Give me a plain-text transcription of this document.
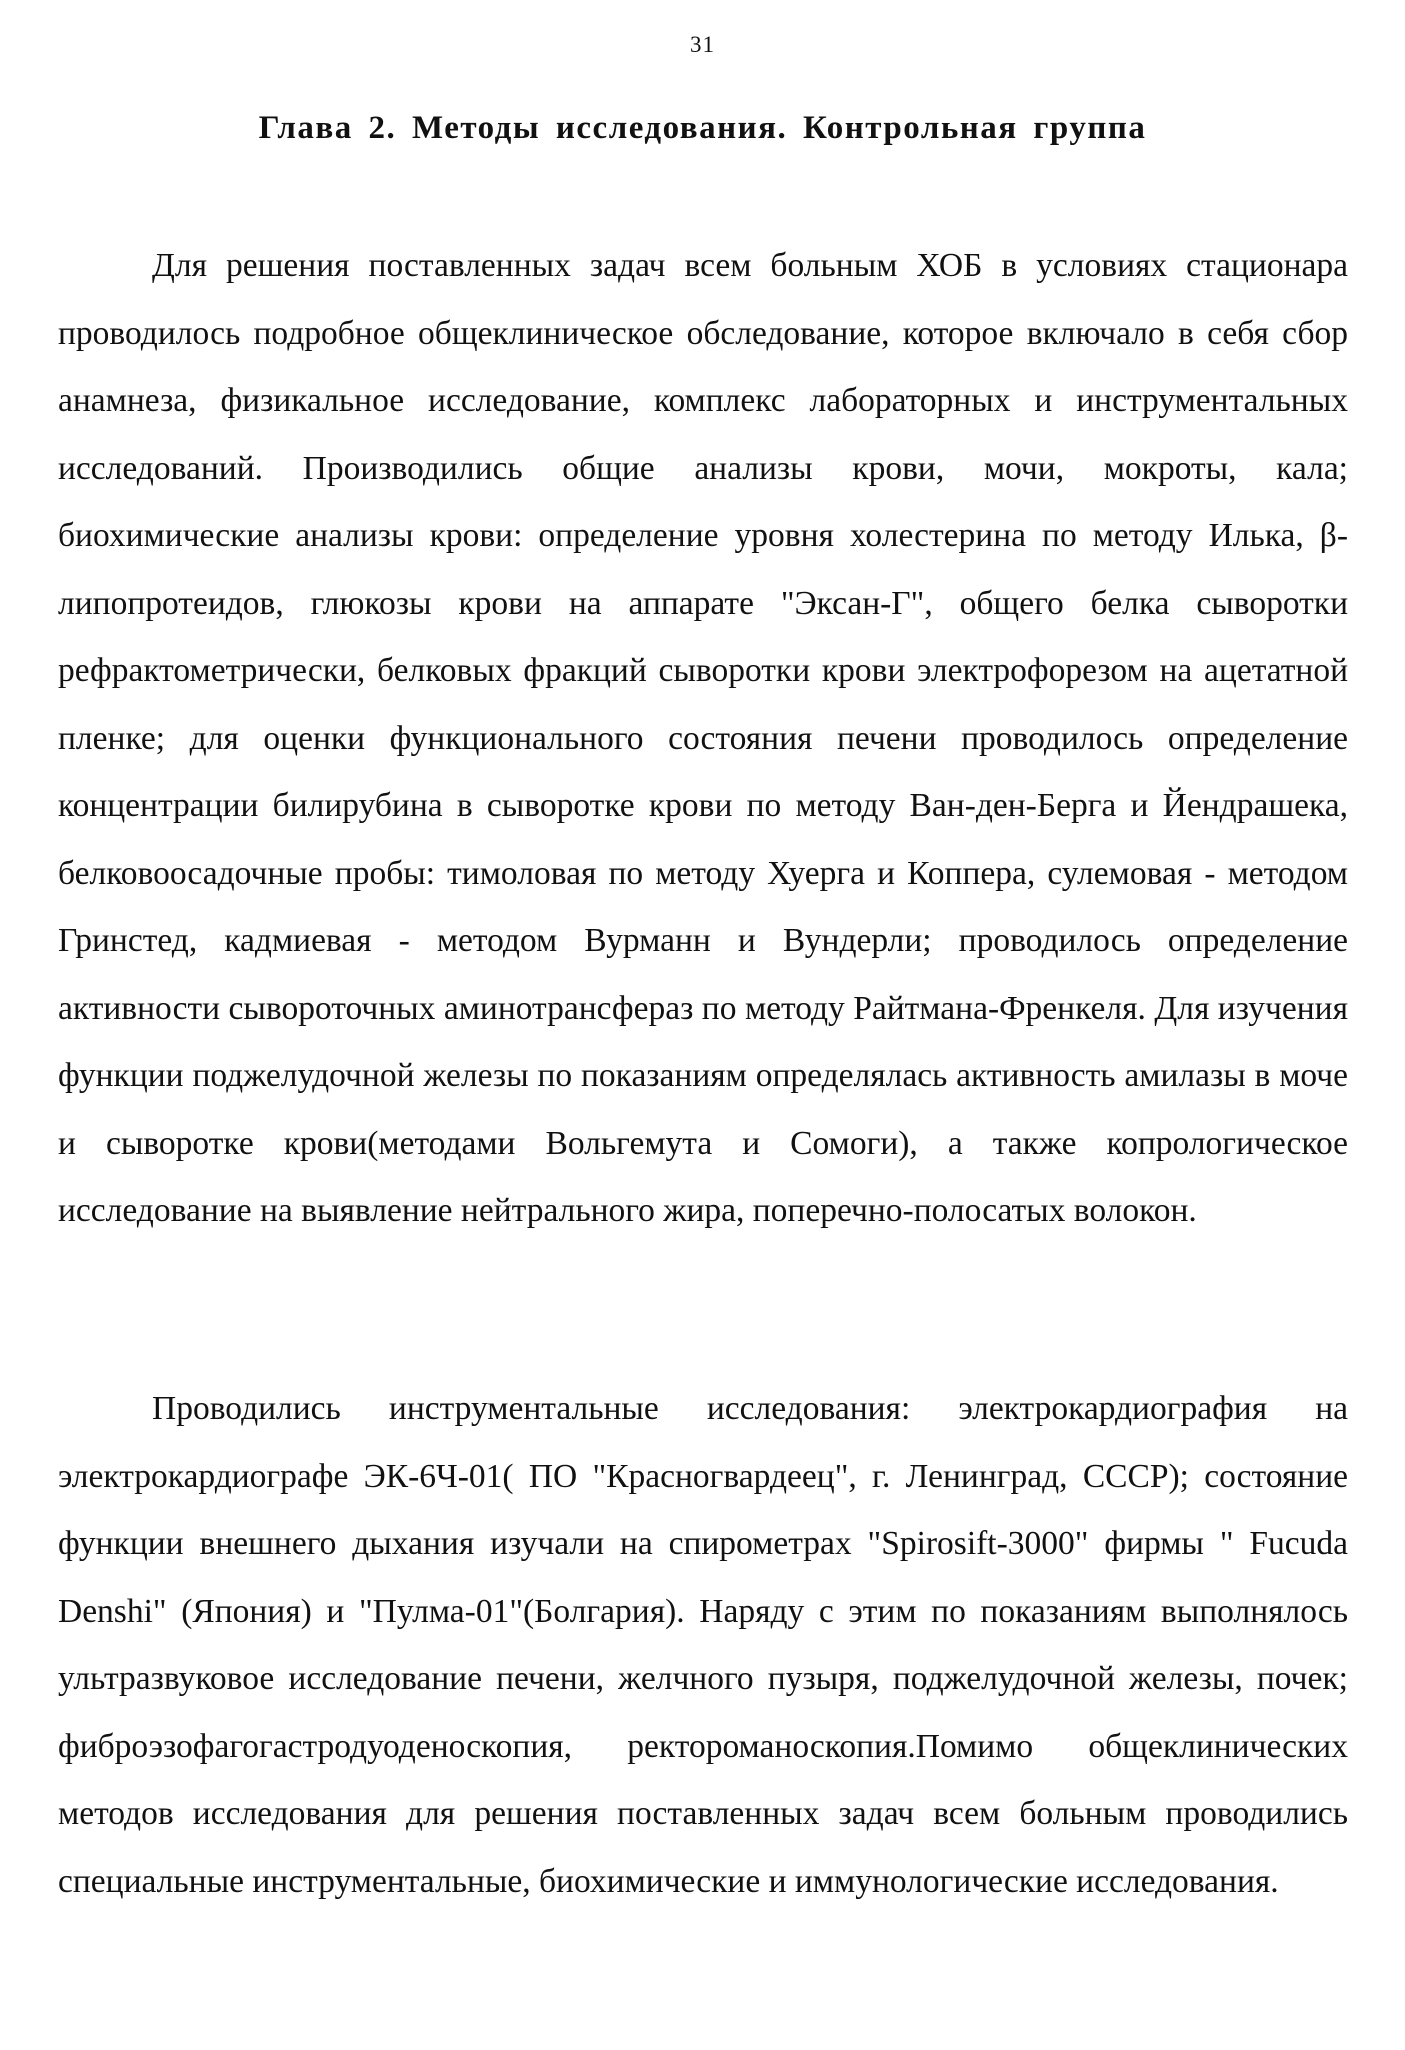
31
Глава 2. Методы исследования. Контрольная группа

Для решения поставленных задач всем больным ХОБ в условиях стационара проводилось подробное общеклиническое обследование, которое включало в себя сбор анамнеза, физикальное исследование, комплекс лабораторных и инструментальных исследований. Производились общие анализы крови, мочи, мокроты, кала; биохимические анализы крови: определение уровня холестерина по методу Илька, β-липопротеидов, глюкозы крови на аппарате "Эксан-Г", общего белка сыворотки рефрактометрически, белковых фракций сыворотки крови электрофорезом на ацетатной пленке; для оценки функционального состояния печени проводилось определение концентрации билирубина в сыворотке крови по методу Ван-ден-Берга и Йендрашека, белковоосадочные пробы: тимоловая по методу Хуерга и Коппера, сулемовая - методом Гринстед, кадмиевая - методом Вурманн и Вундерли; проводилось определение активности сывороточных аминотрансфераз по методу Райтмана-Френкеля. Для изучения функции поджелудочной железы по показаниям определялась активность амилазы в моче и сыворотке крови(методами Вольгемута и Сомоги), а также копрологическое исследование на выявление нейтрального жира, поперечно-полосатых волокон.

Проводились инструментальные исследования: электрокардиография на электрокардиографе ЭК-6Ч-01( ПО "Красногвардеец", г. Ленинград, СССР); состояние функции внешнего дыхания изучали на спирометрах "Spirosift-3000" фирмы " Fucuda Denshi" (Япония) и "Пулма-01"(Болгария). Наряду с этим по показаниям выполнялось ультразвуковое исследование печени, желчного пузыря, поджелудочной железы, почек; фиброэзофагогастродуоденоскопия, ректороманоскопия.Помимо общеклинических методов исследования для решения поставленных задач всем больным проводились специальные инструментальные, биохимические и иммунологические исследования.
